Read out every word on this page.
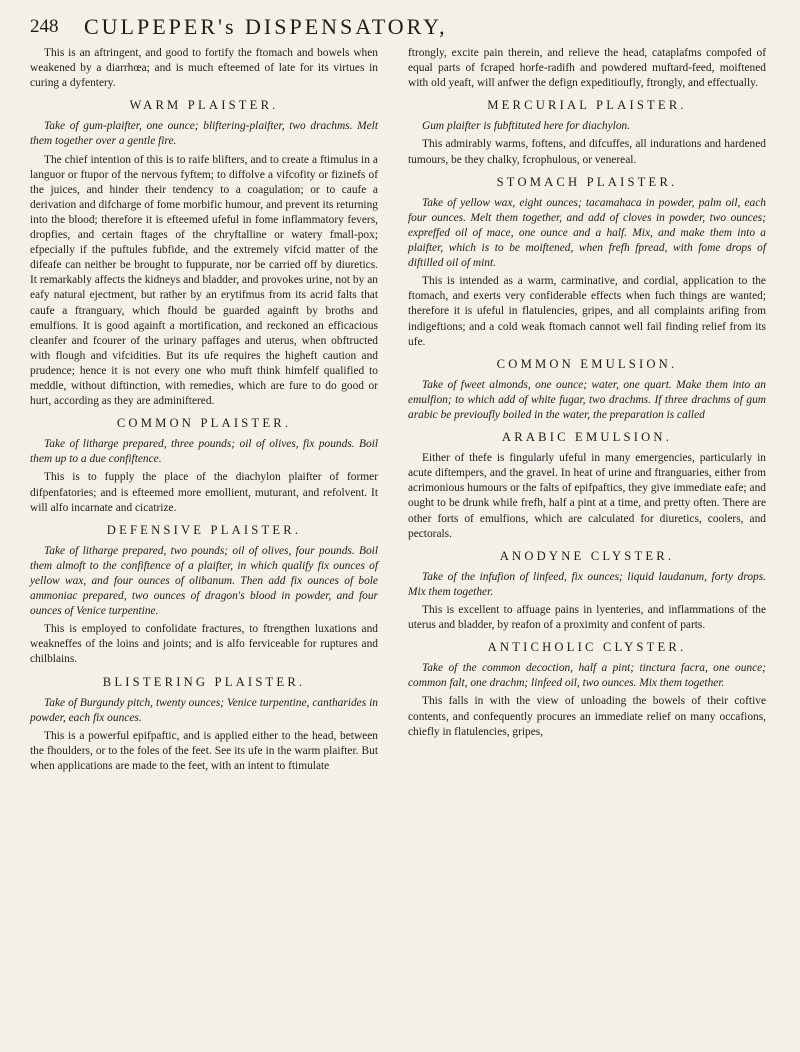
248 CULPEPER's DISPENSATORY,

This is an aftringent, and good to fortify the ftomach and bowels when weakened by a diarrhœa; and is much efteemed of late for its virtues in curing a dyfentery.

WARM PLAISTER.

Take of gum-plaifter, one ounce; bliftering-plaifter, two drachms. Melt them together over a gentle fire.

The chief intention of this is to raife blifters, and to create a ftimulus in a languor or ftupor of the nervous fyftem; to diffolve a vifcofity or fizinefs of the juices, and hinder their tendency to a coagulation; or to caufe a derivation and difcharge of fome morbific humour, and prevent its returning into the blood; therefore it is efteemed ufeful in fome inflammatory fevers, dropfies, and certain ftages of the chryftalline or watery fmall-pox; efpecially if the puftules fubfide, and the extremely vifcid matter of the difeafe can neither be brought to fuppurate, nor be carried off by diuretics. It remarkably affects the kidneys and bladder, and provokes urine, not by an eafy natural ejectment, but rather by an erytifmus from its acrid falts that caufe a ftranguary, which fhould be guarded againft by broths and emulfions. It is good againft a mortification, and reckoned an efficacious cleanfer and fcourer of the urinary paffages and uterus, when obftructed with flough and vifcidities. But its ufe requires the higheft caution and prudence; hence it is not every one who muft think himfelf qualified to meddle, without diftinction, with remedies, which are fure to do good or hurt, according as they are adminiftered.

COMMON PLAISTER.

Take of litharge prepared, three pounds; oil of olives, fix pounds. Boil them up to a due confiftence.

This is to fupply the place of the diachylon plaifter of former difpenfatories; and is efteemed more emollient, muturant, and refolvent. It will alfo incarnate and cicatrize.

DEFENSIVE PLAISTER.

Take of litharge prepared, two pounds; oil of olives, four pounds. Boil them almoft to the confiftence of a plaifter, in which qualify fix ounces of yellow wax, and four ounces of olibanum. Then add fix ounces of bole ammoniac prepared, two ounces of dragon's blood in powder, and four ounces of Venice turpentine.

This is employed to confolidate fractures, to ftrengthen luxations and weakneffes of the loins and joints; and is alfo ferviceable for ruptures and chilblains.

BLISTERING PLAISTER.

Take of Burgundy pitch, twenty ounces; Venice turpentine, cantharides in powder, each fix ounces.

This is a powerful epifpaftic, and is applied either to the head, between the fhoulders, or to the foles of the feet. See its ufe in the warm plaifter. But when applications are made to the feet, with an intent to ftimulate

ftrongly, excite pain therein, and relieve the head, cataplafms compofed of equal parts of fcraped horfe-radifh and powdered muftard-feed, moiftened with old yeaft, will anfwer the defign expeditioufly, ftrongly, and effectually.

MERCURIAL PLAISTER.

Gum plaifter is fubftituted here for diachylon.

This admirably warms, foftens, and difcuffes, all indurations and hardened tumours, be they chalky, fcrophulous, or venereal.

STOMACH PLAISTER.

Take of yellow wax, eight ounces; tacamahaca in powder, palm oil, each four ounces. Melt them together, and add of cloves in powder, two ounces; expreffed oil of mace, one ounce and a half. Mix, and make them into a plaifter, which is to be moiftened, when frefh fpread, with fome drops of diftilled oil of mint.

This is intended as a warm, carminative, and cordial, application to the ftomach, and exerts very confiderable effects when fuch things are wanted; therefore it is ufeful in flatulencies, gripes, and all complaints arifing from indigeftions; and a cold weak ftomach cannot well fail finding relief from its ufe.

COMMON EMULSION.

Take of fweet almonds, one ounce; water, one quart. Make them into an emulfion; to which add of white fugar, two drachms. If three drachms of gum arabic be previoufly boiled in the water, the preparation is called

ARABIC EMULSION.

Either of thefe is fingularly ufeful in many emergencies, particularly in acute diftempers, and the gravel. In heat of urine and ftranguaries, either from acrimonious humours or the falts of epifpaftics, they give immediate eafe; and ought to be drunk while frefh, half a pint at a time, and pretty often. There are other forts of emulfions, which are calculated for diuretics, coolers, and pectorals.

ANODYNE CLYSTER.

Take of the infufion of linfeed, fix ounces; liquid laudanum, forty drops. Mix them together.

This is excellent to affuage pains in lyenteries, and inflammations of the uterus and bladder, by reafon of a proximity and confent of parts.

ANTICHOLIC CLYSTER.

Take of the common decoction, half a pint; tinctura facra, one ounce; common falt, one drachm; linfeed oil, two ounces. Mix them together.

This falls in with the view of unloading the bowels of their coftive contents, and confequently procures an immediate relief on many occafions, chiefly in flatulencies, gripes,
